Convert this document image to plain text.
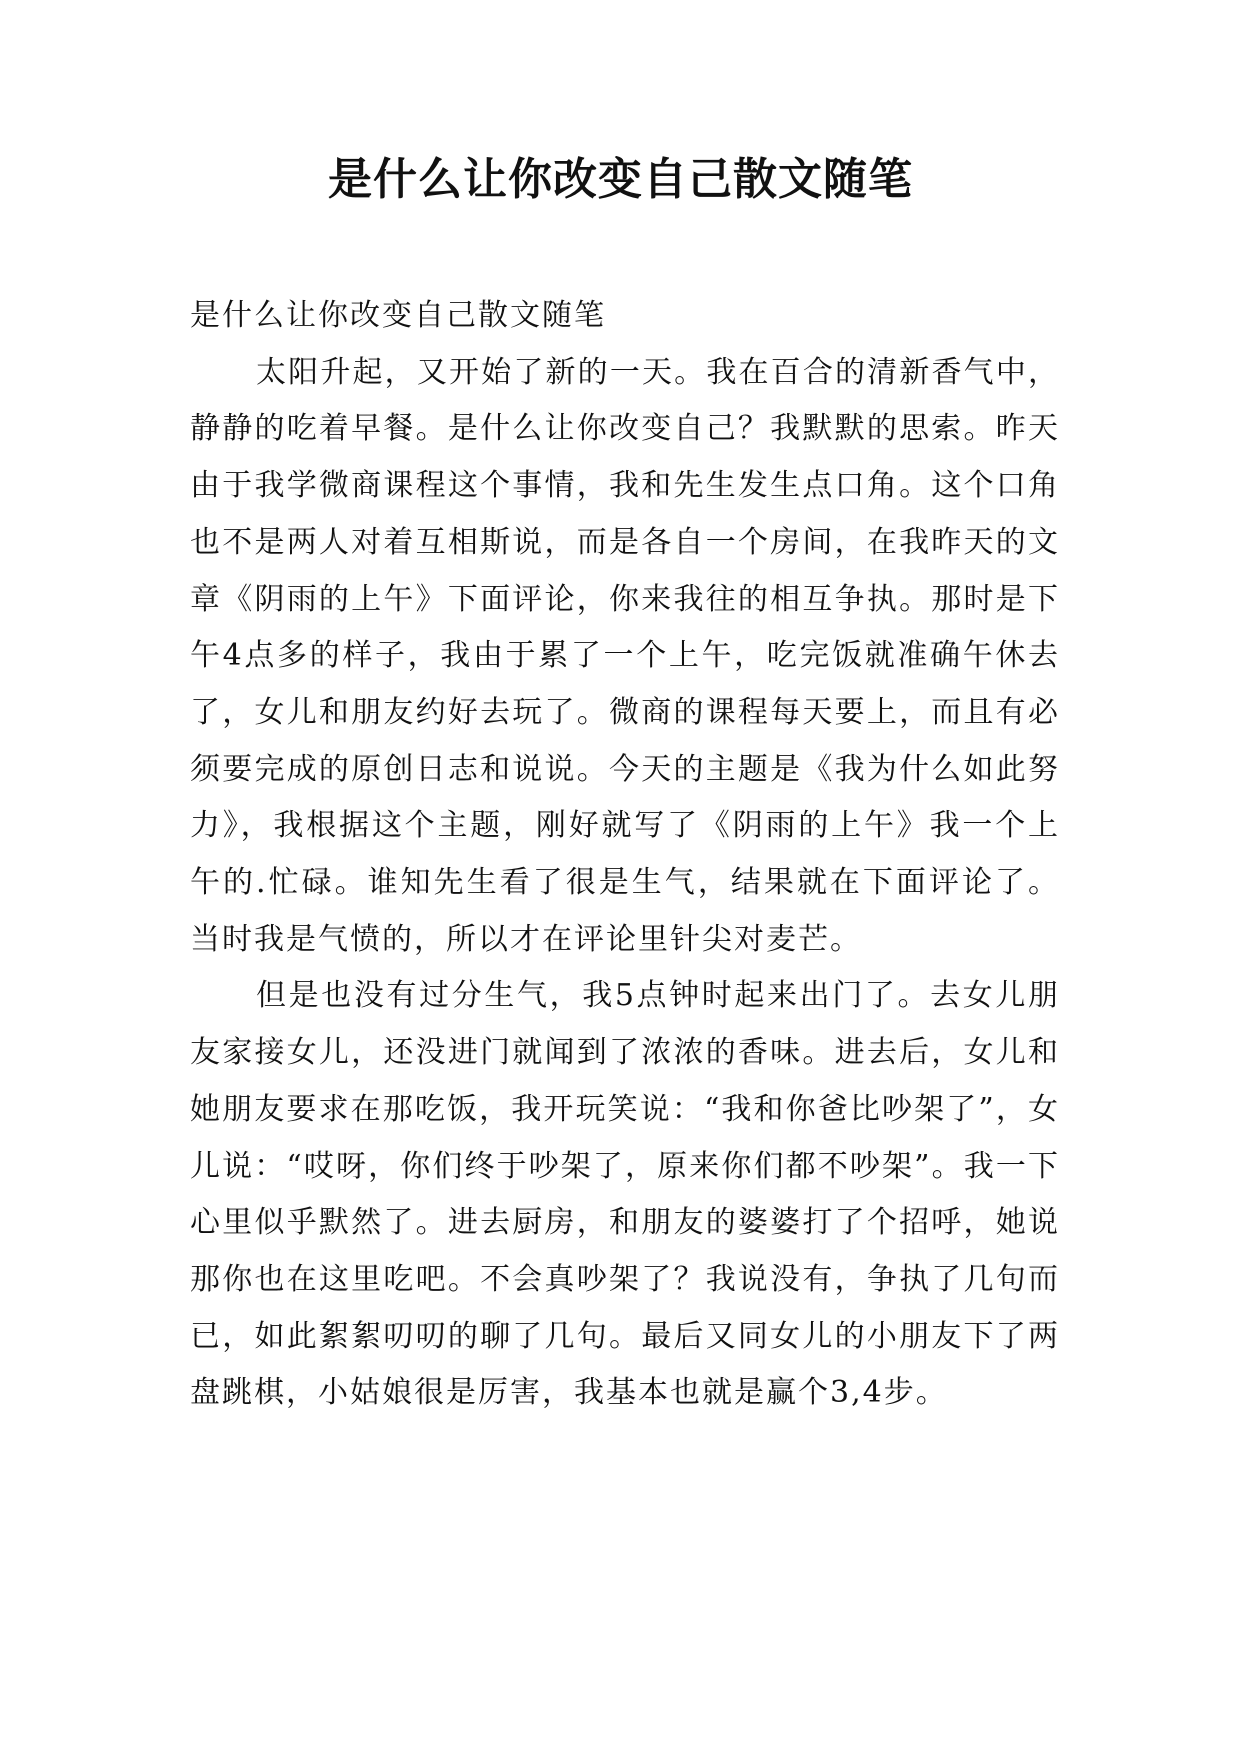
是什么让你改变自己散文随笔

是什么让你改变自己散文随笔

太阳升起，又开始了新的一天。我在百合的清新香气中，静静的吃着早餐。是什么让你改变自己？我默默的思索。昨天由于我学微商课程这个事情，我和先生发生点口角。这个口角也不是两人对着互相斯说，而是各自一个房间，在我昨天的文章《阴雨的上午》下面评论，你来我往的相互争执。那时是下午4点多的样子，我由于累了一个上午，吃完饭就准确午休去了，女儿和朋友约好去玩了。微商的课程每天要上，而且有必须要完成的原创日志和说说。今天的主题是《我为什么如此努力》，我根据这个主题，刚好就写了《阴雨的上午》我一个上午的.忙碌。谁知先生看了很是生气，结果就在下面评论了。当时我是气愤的，所以才在评论里针尖对麦芒。

但是也没有过分生气，我5点钟时起来出门了。去女儿朋友家接女儿，还没进门就闻到了浓浓的香味。进去后，女儿和她朋友要求在那吃饭，我开玩笑说：“我和你爸比吵架了”，女儿说：“哎呀，你们终于吵架了，原来你们都不吵架”。我一下心里似乎默然了。进去厨房，和朋友的婆婆打了个招呼，她说那你也在这里吃吧。不会真吵架了？我说没有，争执了几句而已，如此絮絮叨叨的聊了几句。最后又同女儿的小朋友下了两盘跳棋，小姑娘很是厉害，我基本也就是赢个3,4步。
